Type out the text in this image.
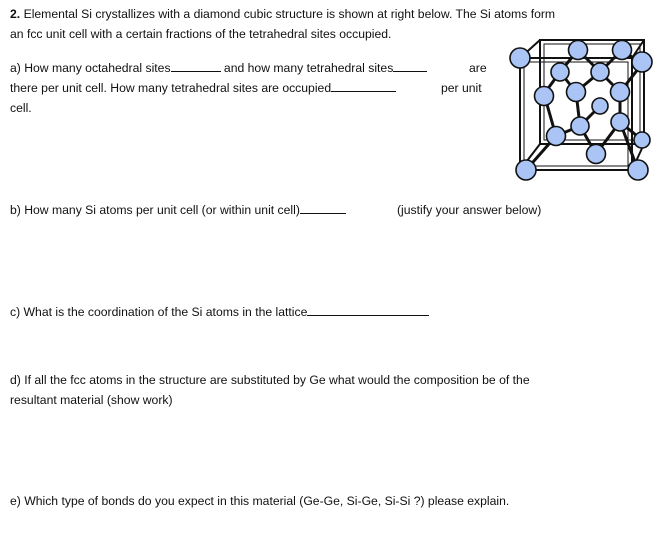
2. Elemental Si crystallizes with a diamond cubic structure is shown at right below. The Si atoms form
an fcc unit cell with a certain fractions of the tetrahedral sites occupied.
a) How many octahedral sites	and how many tetrahedral sites	are
there per unit cell. How many tetrahedral sites are occupied	per unit
cell.
b) How many Si atoms per unit cell (or within unit cell)	(justify your answer below)
c) What is the coordination of the Si atoms in the lattice
d) If all the fcc atoms in the structure are substituted by Ge what would the composition be of the
resultant material (show work)
e) Which type of bonds do you expect in this material (Ge-Ge, Si-Ge, Si-Si ?) please explain.
